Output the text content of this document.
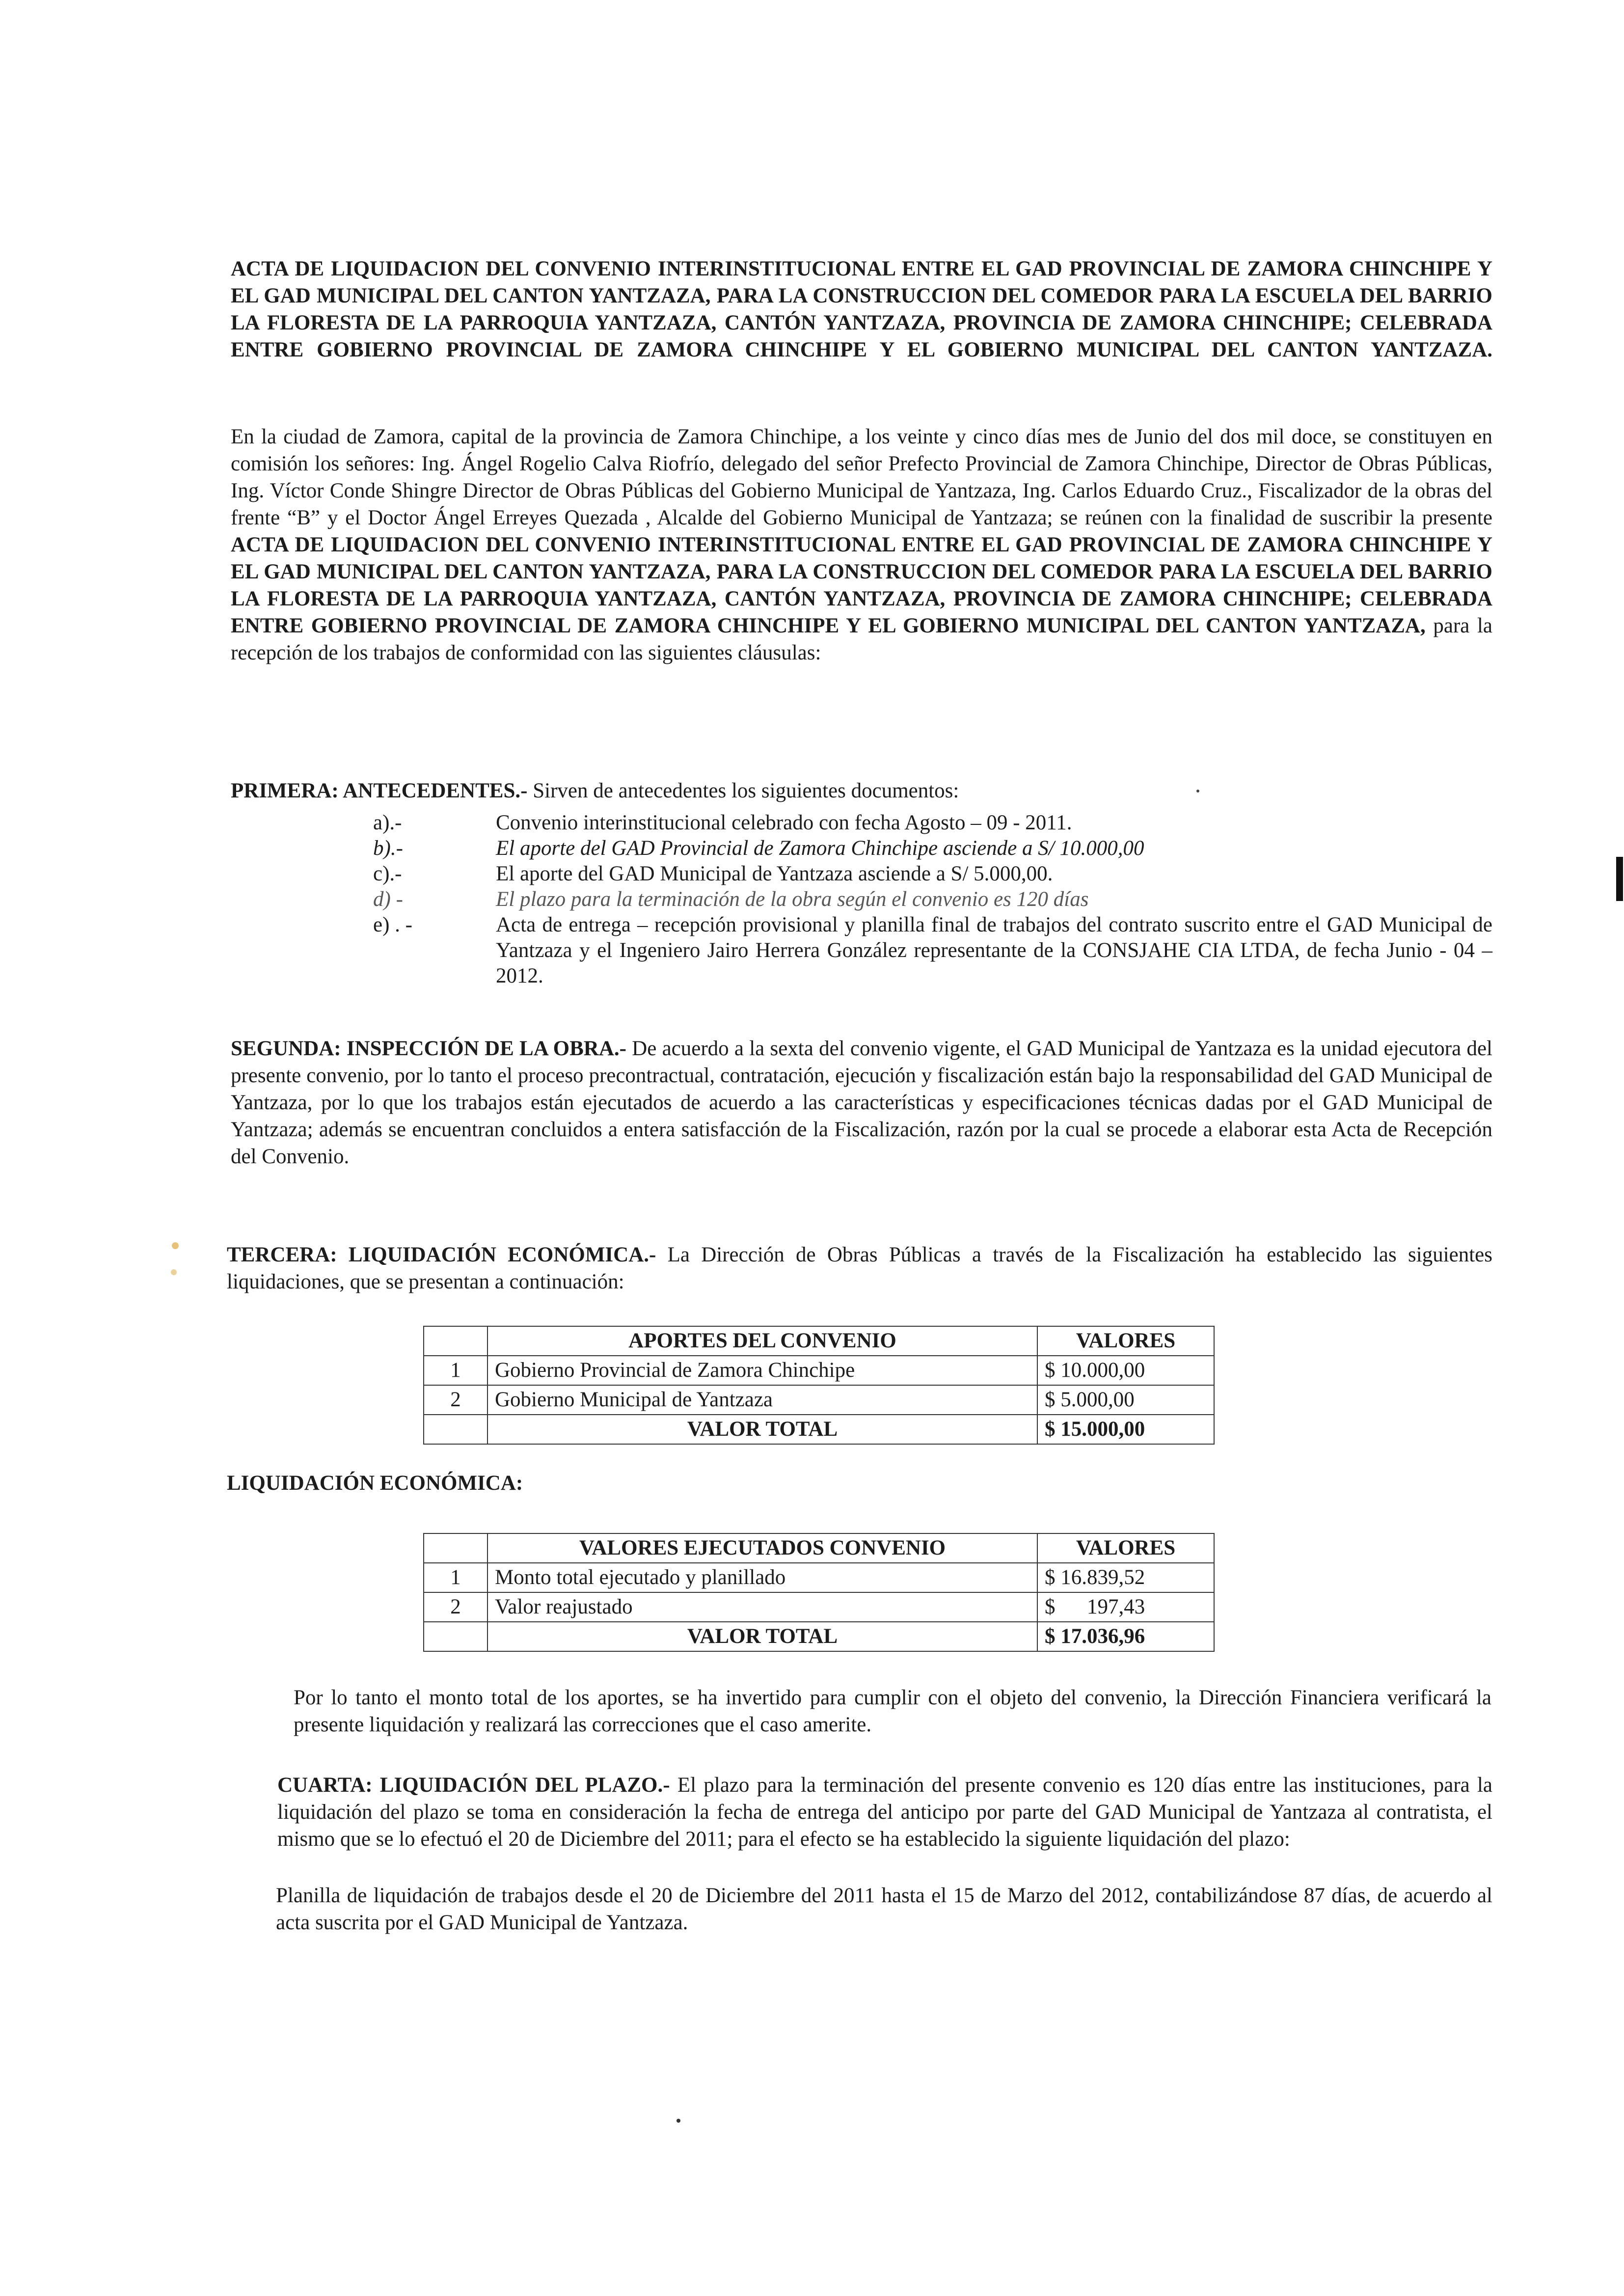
ACTA DE LIQUIDACION DEL CONVENIO INTERINSTITUCIONAL ENTRE EL GAD PROVINCIAL DE ZAMORA CHINCHIPE Y EL GAD MUNICIPAL DEL CANTON YANTZAZA, PARA LA CONSTRUCCION DEL COMEDOR PARA LA ESCUELA DEL BARRIO LA FLORESTA DE LA PARROQUIA YANTZAZA, CANTÓN YANTZAZA, PROVINCIA DE ZAMORA CHINCHIPE; CELEBRADA ENTRE GOBIERNO PROVINCIAL DE ZAMORA CHINCHIPE Y EL GOBIERNO MUNICIPAL DEL CANTON YANTZAZA.

En la ciudad de Zamora, capital de la provincia de Zamora Chinchipe, a los veinte y cinco días mes de Junio del dos mil doce, se constituyen en comisión los señores: Ing. Ángel Rogelio Calva Riofrío, delegado del señor Prefecto Provincial de Zamora Chinchipe, Director de Obras Públicas, Ing. Víctor Conde Shingre Director de Obras Públicas del Gobierno Municipal de Yantzaza, Ing. Carlos Eduardo Cruz., Fiscalizador de la obras del frente “B” y el Doctor Ángel Erreyes Quezada , Alcalde del Gobierno Municipal de Yantzaza; se reúnen con la finalidad de suscribir la presente ACTA DE LIQUIDACION DEL CONVENIO INTERINSTITUCIONAL ENTRE EL GAD PROVINCIAL DE ZAMORA CHINCHIPE Y EL GAD MUNICIPAL DEL CANTON YANTZAZA, PARA LA CONSTRUCCION DEL COMEDOR PARA LA ESCUELA DEL BARRIO LA FLORESTA DE LA PARROQUIA YANTZAZA, CANTÓN YANTZAZA, PROVINCIA DE ZAMORA CHINCHIPE; CELEBRADA ENTRE GOBIERNO PROVINCIAL DE ZAMORA CHINCHIPE Y EL GOBIERNO MUNICIPAL DEL CANTON YANTZAZA, para la recepción de los trabajos de conformidad con las siguientes cláusulas:

PRIMERA: ANTECEDENTES.- Sirven de antecedentes los siguientes documentos:

a).-	Convenio interinstitucional celebrado con fecha Agosto – 09 - 2011.
b).-	El aporte del GAD Provincial de Zamora Chinchipe asciende a S/ 10.000,00
c).-	El aporte del GAD Municipal de Yantzaza asciende a S/ 5.000,00.
d) -	El plazo para la terminación de la obra según el convenio es 120 días
e) . -	Acta de entrega – recepción provisional y planilla final de trabajos del contrato suscrito entre el GAD Municipal de Yantzaza y el Ingeniero Jairo Herrera González representante de la CONSJAHE CIA LTDA, de fecha Junio - 04 – 2012.

SEGUNDA: INSPECCIÓN DE LA OBRA.- De acuerdo a la sexta del convenio vigente, el GAD Municipal de Yantzaza es la unidad ejecutora del presente convenio, por lo tanto el proceso precontractual, contratación, ejecución y fiscalización están bajo la responsabilidad del GAD Municipal de Yantzaza, por lo que los trabajos están ejecutados de acuerdo a las características y especificaciones técnicas dadas por el GAD Municipal de Yantzaza; además se encuentran concluidos a entera satisfacción de la Fiscalización, razón por la cual se procede a elaborar esta Acta de Recepción del Convenio.

TERCERA: LIQUIDACIÓN ECONÓMICA.- La Dirección de Obras Públicas a través de la Fiscalización ha establecido las siguientes liquidaciones, que se presentan a continuación:

	APORTES DEL CONVENIO	VALORES
1	Gobierno Provincial de Zamora Chinchipe	$ 10.000,00
2	Gobierno Municipal de Yantzaza	$ 5.000,00
	VALOR TOTAL	$ 15.000,00

LIQUIDACIÓN ECONÓMICA:

	VALORES EJECUTADOS CONVENIO	VALORES
1	Monto total ejecutado y planillado	$ 16.839,52
2	Valor reajustado	$      197,43
	VALOR TOTAL	$ 17.036,96

Por lo tanto el monto total de los aportes, se ha invertido para cumplir con el objeto del convenio, la Dirección Financiera verificará la presente liquidación y realizará las correcciones que el caso amerite.

CUARTA: LIQUIDACIÓN DEL PLAZO.- El plazo para la terminación del presente convenio es 120 días entre las instituciones, para la liquidación del plazo se toma en consideración la fecha de entrega del anticipo por parte del GAD Municipal de Yantzaza al contratista, el mismo que se lo efectuó el 20 de Diciembre del 2011; para el efecto se ha establecido la siguiente liquidación del plazo:

Planilla de liquidación de trabajos desde el 20 de Diciembre del 2011 hasta el 15 de Marzo del 2012, contabilizándose 87 días, de acuerdo al acta suscrita por el GAD Municipal de Yantzaza.
